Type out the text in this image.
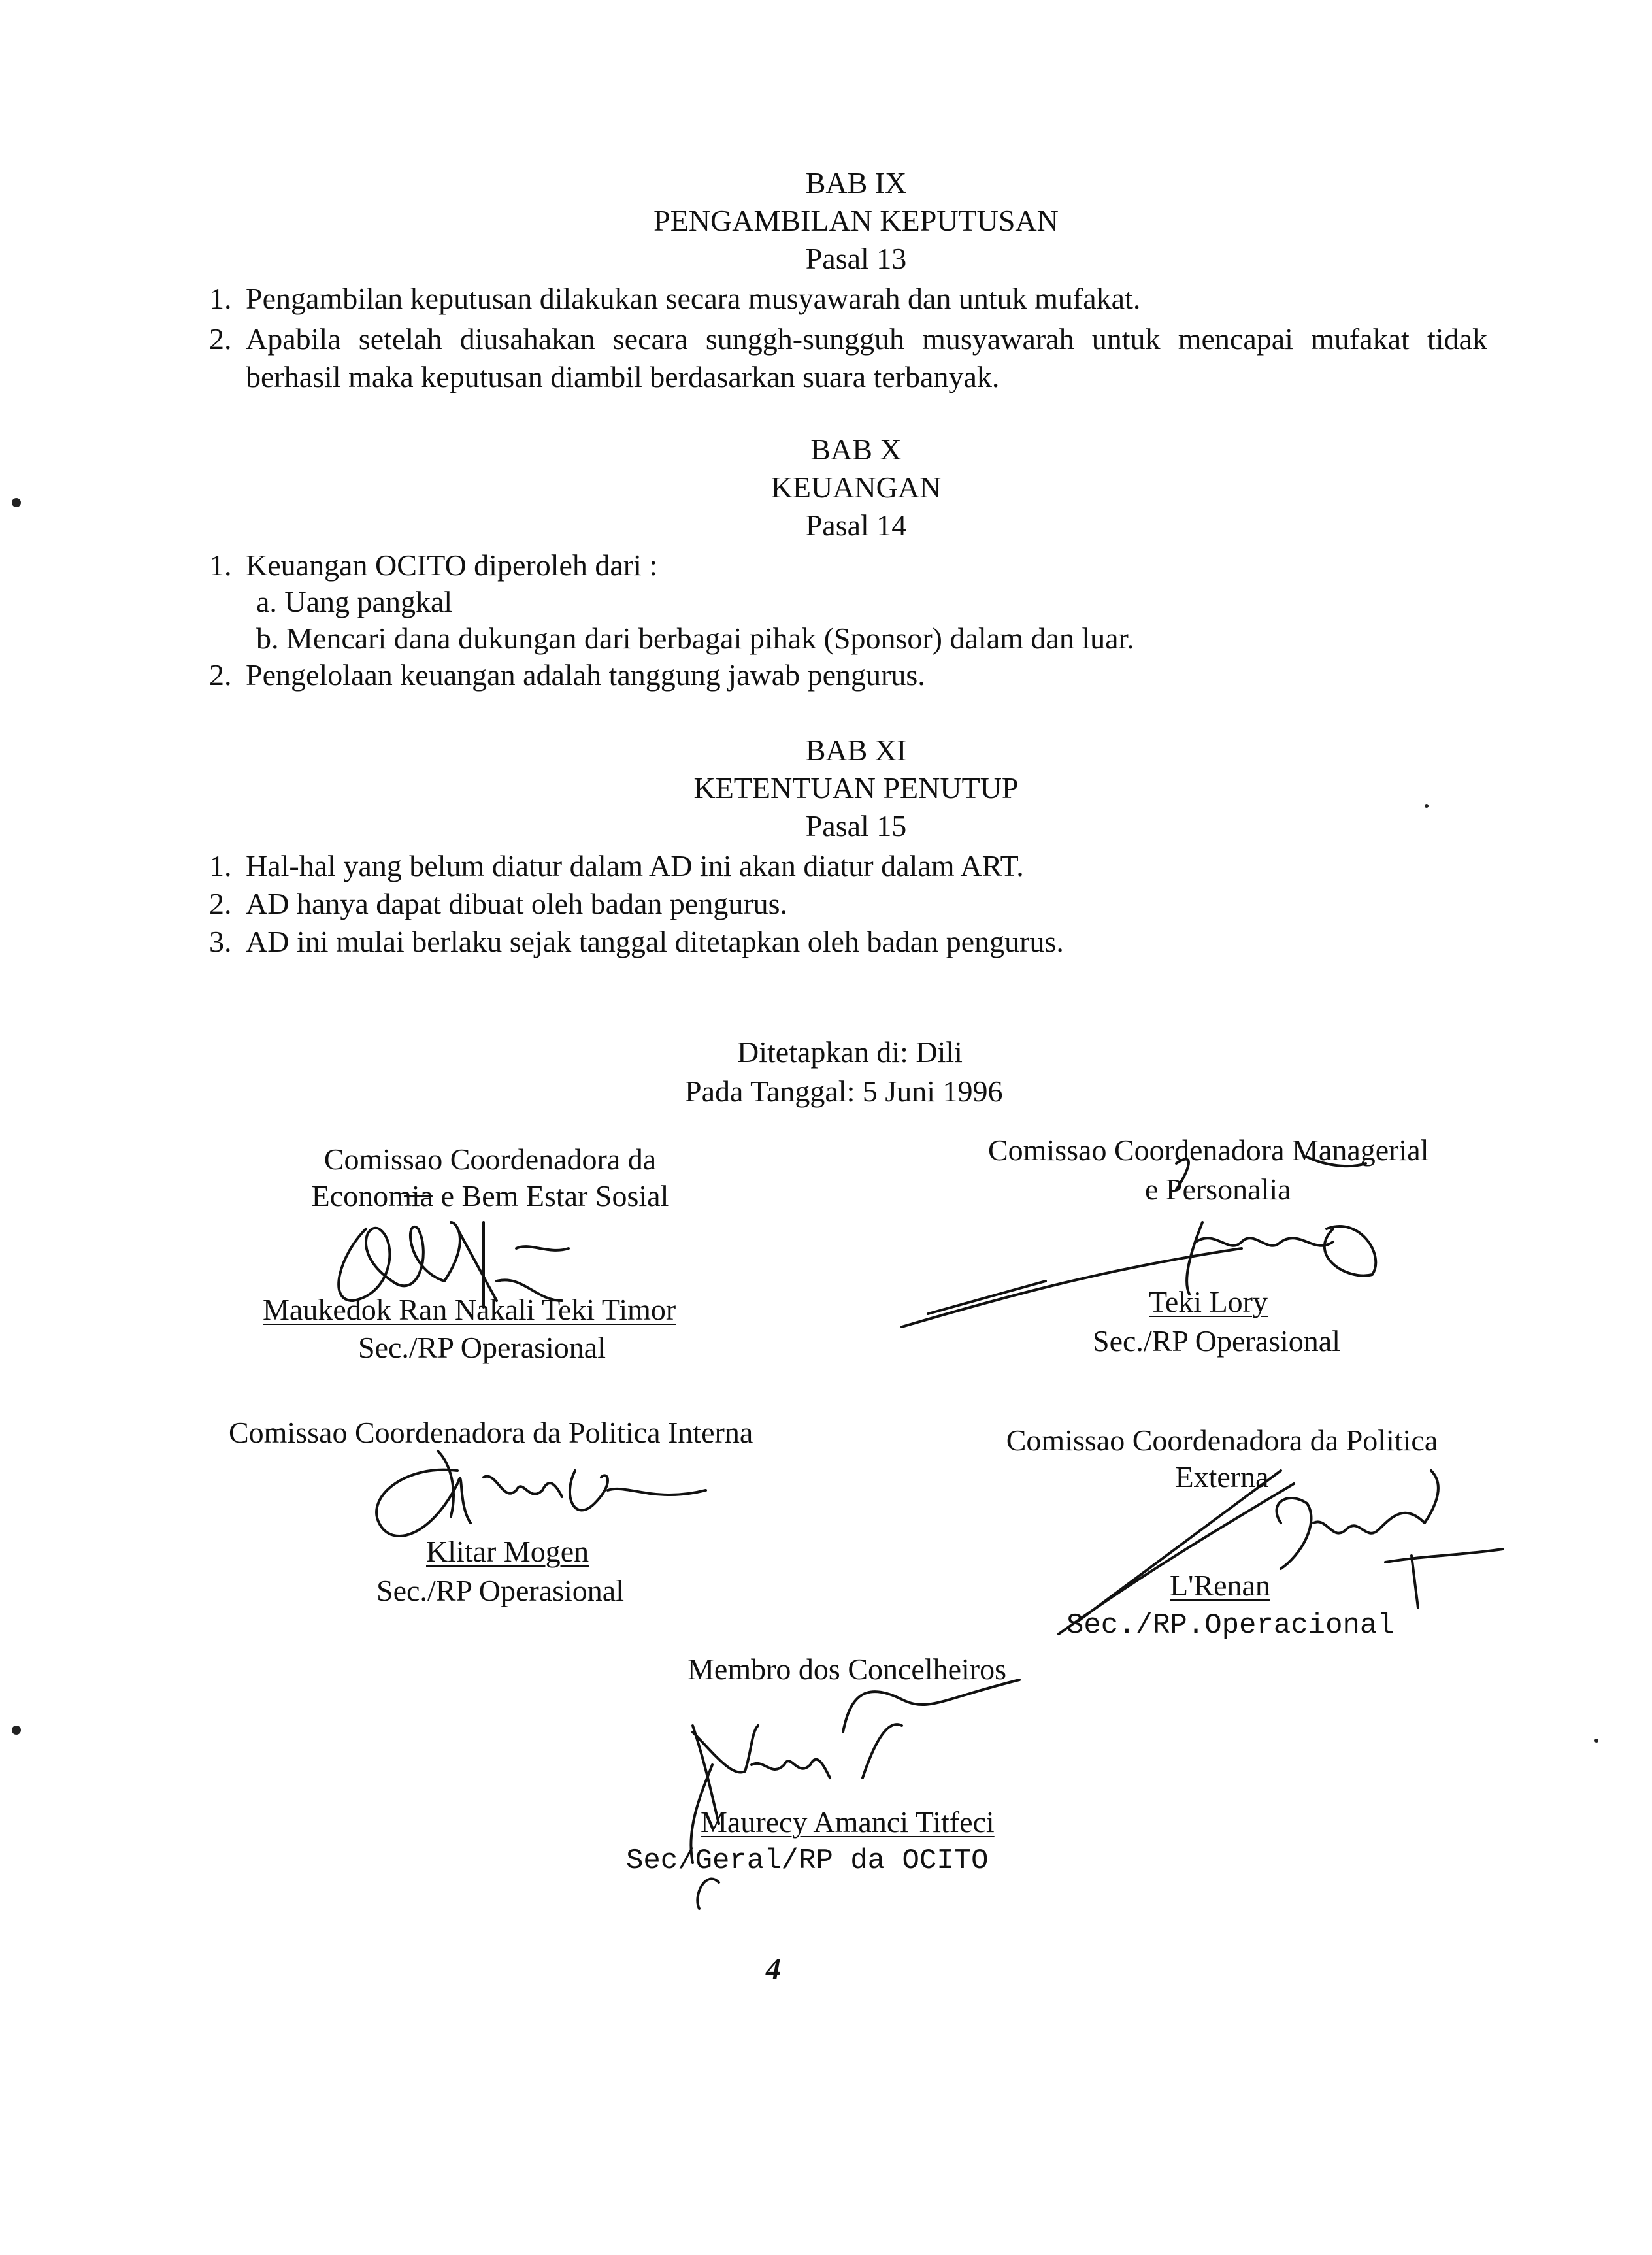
BAB IX
PENGAMBILAN KEPUTUSAN
Pasal 13
1. Pengambilan keputusan dilakukan secara musyawarah dan untuk mufakat.
2. Apabila setelah diusahakan secara sunggh-sungguh musyawarah untuk mencapai mufakat tidak berhasil maka keputusan diambil berdasarkan suara terbanyak.
BAB X
KEUANGAN
Pasal 14
1. Keuangan OCITO diperoleh dari :
a. Uang pangkal
b. Mencari dana dukungan dari berbagai pihak (Sponsor) dalam dan luar.
2. Pengelolaan keuangan adalah tanggung jawab pengurus.
BAB XI
KETENTUAN PENUTUP
Pasal 15
1. Hal-hal yang belum diatur dalam AD ini akan diatur dalam ART.
2. AD hanya dapat dibuat oleh badan pengurus.
3. AD ini mulai berlaku sejak tanggal ditetapkan oleh badan pengurus.
Ditetapkan di: Dili
Pada Tanggal: 5 Juni 1996
Comissao Coordenadora da
Economia e Bem Estar Sosial
Maukedok Ran Nakali Teki Timor
Sec./RP Operasional
Comissao Coordenadora Managerial
e Personalia
Teki Lory
Sec./RP Operasional
Comissao Coordenadora da Politica Interna
Klitar Mogen
Sec./RP Operasional
Comissao Coordenadora da Politica
Externa
L'Renan
Sec./RP.Operacional
Membro dos Concelheiros
Maurecy Amanci Titfeci
Sec/Geral/RP da OCITO
4
